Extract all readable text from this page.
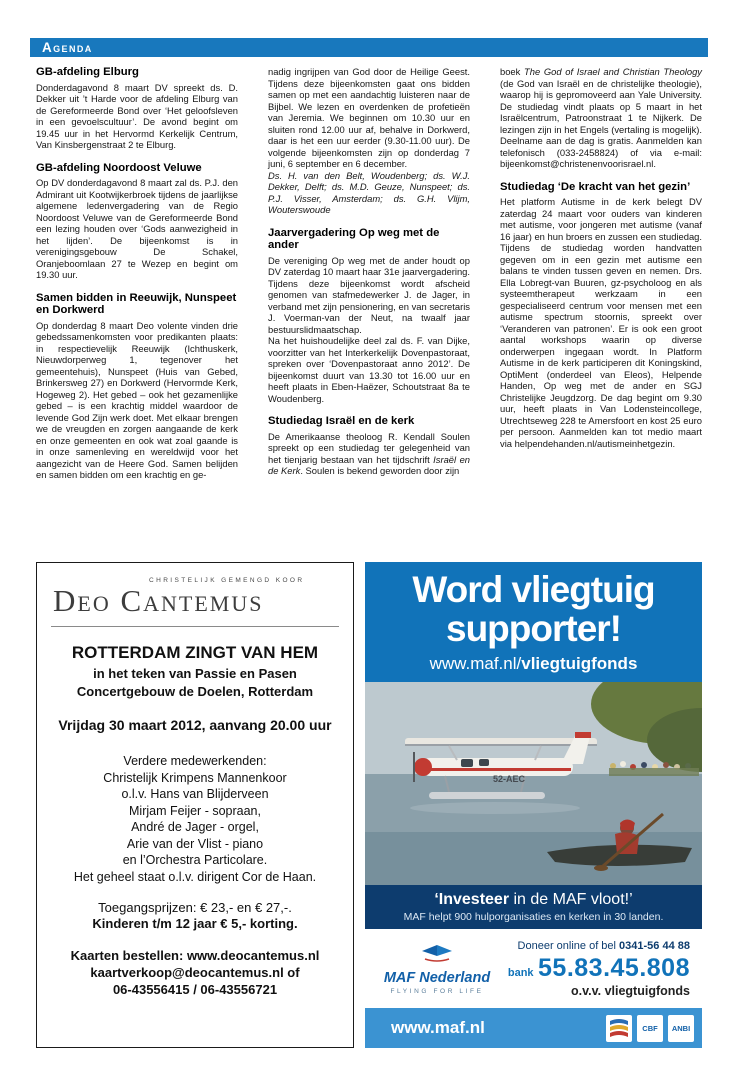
Agenda
GB-afdeling Elburg

Donderdagavond 8 maart DV spreekt ds. D. Dekker uit ’t Harde voor de afdeling Elburg van de Gereformeerde Bond over ‘Het geloofsleven in een gevoelscultuur’. De avond begint om 19.45 uur in het Hervormd Kerkelijk Centrum, Van Kinsbergenstraat 2 te Elburg.

GB-afdeling Noordoost Veluwe

Op DV donderdagavond 8 maart zal ds. P.J. den Admirant uit Kootwijkerbroek tijdens de jaarlijkse algemene ledenvergadering van de Regio Noordoost Veluwe van de Gereformeerde Bond een lezing houden over ‘Gods aanwezigheid in het lijden’. De bijeenkomst is in verenigingsgebouw De Schakel, Oranjeboomlaan 27 te Wezep en begint om 19.30 uur.

Samen bidden in Reeuwijk, Nunspeet en Dorkwerd

Op donderdag 8 maart Deo volente vinden drie gebedssamenkomsten voor predikanten plaats: in respectievelijk Reeuwijk (Ichthuskerk, Nieuwdorperweg 1, tegenover het gemeentehuis), Nunspeet (Huis van Gebed, Brinkersweg 27) en Dorkwerd (Hervormde Kerk, Hogeweg 2). Het gebed – ook het gezamenlijke gebed – is een krachtig middel waardoor de levende God Zijn werk doet. Met elkaar brengen we de vreugden en zorgen aangaande de kerk en onze gemeenten en ook wat zoal gaande is in onze samenleving en wereldwijd voor het aangezicht van de Heere God. Samen belijden en samen bidden om een krachtig en ge-

nadig ingrijpen van God door de Heilige Geest. Tijdens deze bijeenkomsten gaat ons bidden samen op met een aandachtig luisteren naar de Bijbel. We lezen en overdenken de profetieën van Jeremia. We beginnen om 10.30 uur en sluiten rond 12.00 uur af, behalve in Dorkwerd, daar is het een uur eerder (9.30-11.00 uur). De volgende bijeenkomsten zijn op donderdag 7 juni, 6 september en 6 december.

Ds. H. van den Belt, Woudenberg; ds. W.J. Dekker, Delft; ds. M.D. Geuze, Nunspeet; ds. P.J. Visser, Amsterdam; ds. G.H. Vlijm, Wouterswoude

Jaarvergadering Op weg met de ander

De vereniging Op weg met de ander houdt op DV zaterdag 10 maart haar 31e jaarvergadering. Tijdens deze bijeenkomst wordt afscheid genomen van stafmedewerker J. de Jager, in verband met zijn pensionering, en van secretaris J. Voerman-van der Neut, na twaalf jaar bestuurslidmaatschap.

Na het huishoudelijke deel zal ds. F. van Dijke, voorzitter van het Interkerkelijk Dovenpastoraat, spreken over ‘Dovenpastoraat anno 2012’. De bijeenkomst duurt van 13.30 tot 16.00 uur en heeft plaats in Eben-Haëzer, Schoutstraat 8a te Woudenberg.

Studiedag Israël en de kerk

De Amerikaanse theoloog R. Kendall Soulen spreekt op een studiedag ter gelegenheid van het tienjarig bestaan van het tijdschrift Israël en de Kerk. Soulen is bekend geworden door zijn

boek The God of Israel and Christian Theology (de God van Israël en de christelijke theologie), waarop hij is gepromoveerd aan Yale University. De studiedag vindt plaats op 5 maart in het Israëlcentrum, Patroonstraat 1 te Nijkerk. De lezingen zijn in het Engels (vertaling is mogelijk). Deelname aan de dag is gratis. Aanmelden kan telefonisch (033-2458824) of via e-mail: bijeenkomst@christenenvoorisrael.nl.

Studiedag ‘De kracht van het gezin’

Het platform Autisme in de kerk belegt DV zaterdag 24 maart voor ouders van kinderen met autisme, voor jongeren met autisme (vanaf 16 jaar) en hun broers en zussen een studiedag. Tijdens de studiedag worden handvatten gegeven om in een gezin met autisme een balans te vinden tussen geven en nemen. Drs. Ella Lobregt-van Buuren, gz-psycholoog en als systeemtherapeut werkzaam in een gespecialiseerd centrum voor mensen met een autisme spectrum stoornis, spreekt over ‘Veranderen van patronen’. Er is ook een groot aantal workshops waarin op diverse onderwerpen ingegaan wordt. In Platform Autisme in de kerk participeren dit Koningskind, OptiMent (onderdeel van Eleos), Helpende Handen, Op weg met de ander en SGJ Christelijke Jeugdzorg. De dag begint om 9.30 uur, heeft plaats in Van Lodensteincollege, Utrechtseweg 228 te Amersfoort en kost 25 euro per persoon. Aanmelden kan tot medio maart via helpendehanden.nl/autismeinhetgezin.

CHRISTELIJK GEMENGD KOOR
Deo Cantemus
ROTTERDAM ZINGT VAN HEM
in het teken van Passie en Pasen
Concertgebouw de Doelen, Rotterdam
Vrijdag 30 maart 2012, aanvang 20.00 uur
Verdere medewerkenden:
Christelijk Krimpens Mannenkoor
o.l.v. Hans van Blijderveen
Mirjam Feijer - sopraan,
André de Jager - orgel,
Arie van der Vlist - piano
en l’Orchestra Particolare.
Het geheel staat o.l.v. dirigent Cor de Haan.
Toegangsprijzen: € 23,- en € 27,-.
Kinderen t/m 12 jaar € 5,- korting.
Kaarten bestellen: www.deocantemus.nl
kaartverkoop@deocantemus.nl of
06-43556415 / 06-43556721
Word vliegtuig
supporter!
www.maf.nl/vliegtuigfonds
52-AEC
‘Investeer in de MAF vloot!’
MAF helpt 900 hulporganisaties en kerken in 30 landen.
MAF Nederland
FLYING FOR LIFE
Doneer online of bel 0341-56 44 88
bank 55.83.45.808
o.v.v. vliegtuigfonds
www.maf.nl	CBF	ANBI
